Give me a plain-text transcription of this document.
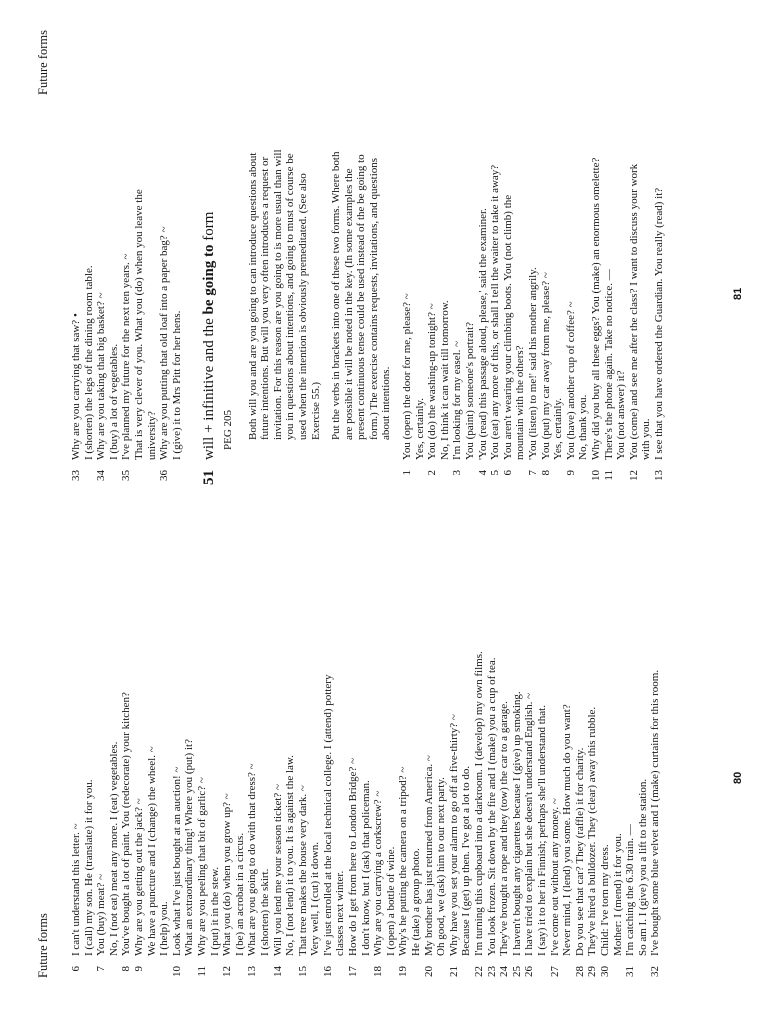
Future forms 6
I can't understand this letter. ~ I (call) my son. He (translate) it for you.
7
You (buy) meat? ~ No, I (not eat) meat any more. I (eat) vegetables.
8
You've bought a lot of paint. You (redecorate) your kitchen?
9
Why are you getting out the jack? ~ We have a puncture and I (change) the wheel. ~ I (help) you.
10
Look what I've just bought at an auction! ~ What an extraordinary thing! Where you (put) it?
11
Why are you peeling that bit of garlic? ~ I (put) it in the stew.
12
What you (do) when you grow up? ~ I (be) an acrobat in a circus.
13
What are you going to do with that dress? ~ I (shorten) the skirt.
14
Will you lend me your season ticket? ~ No, I (not lend) it to you. It is against the law.
15
That tree makes the house very dark. ~ Very well, I (cut) it down.
16
I've just enrolled at the local technical college. I (attend) pottery classes next winter.
17
How do I get from here to London Bridge? ~ I don't know, but I (ask) that policeman.
18
Why are you carrying a corkscrew? ~ I (open) a bottle of wine.
19
Why's he putting the camera on a tripod? ~ He (take) a group photo.
20
My brother has just returned from America. ~ Oh good, we (ask) him to our next party.
21
Why have you set your alarm to go off at five-thirty? ~ Because I (get) up then. I've got a lot to do.
22
I'm turning this cupboard into a darkroom. I (develop) my own films.
23
You look frozen. Sit down by the fire and I (make) you a cup of tea.
24
They've brought a rope and they (tow) the car to a garage.
25
I haven't bought any cigarettes because I (give) up smoking.
26
I have tried to explain but she doesn't understand English. ~ I (say) it to her in Finnish; perhaps she'll understand that.
27
I've come out without any money. ~ Never mind, I (lend) you some. How much do you want?
28
Do you see that car? They (raffle) it for charity.
29
They've hired a bulldozer. They (clear) away this rubble.
30
Child: I've torn my dress. Mother: I (mend) it for you.
31
I'm catching the 6.30 train. — So am I. I (give) you a lift to the station.
32
I've bought some blue velvet and I (make) curtains for this room.	80
Future forms
33
Why are you carrying that saw? • I (shorten) the legs of the dining room table.
34
Why are you taking that big basket? ~ I (buy) a lot of vegetables.
35
I've planned my future for the next ten years. ~ That is very clever of you. What you (do) when you leave the university?
36
Why are you putting that old loaf into a paper bag? ~ I (give) it to Mrs Pitt for her hens.
51
will + infinitive and the be going to form
PEG 205 Both will you and are you going to can introduce questions about future intentions. But will you very often introduces a request or invitation. For this reason are you going to is more usual than will you in questions about intentions, and going to must of course be used when the intention is obviously premeditated. (See also Exercise 55.) Put the verbs in brackets into one of these two forms. Where both are possible it will be noted in the key. (In some examples the present continuous tense could be used instead of the be going to form.) The exercise contains requests, invitations, and questions about intentions.
1
You (open) the door for me, please? ~ Yes, certainly.
2
You (do) the washing-up tonight? ~ No, I think it can wait till tomorrow.
3
I'm looking for my easel. ~ You (paint) someone's portrait?
4
'You (read) this passage aloud, please,' said the examiner.
5
You (eat) any more of this, or shall I tell the waiter to take it away?
6
You aren't wearing your climbing boots. You (not climb) the mountain with the others?
7
'You (listen) to me!' said his mother angrily.
8
You (put) my car away from me, please? ~ Yes, certainly.
9
You (have) another cup of coffee? ~ No, thank you.
10
Why did you buy all these eggs? You (make) an enormous omelette?
11
There's the phone again. Take no notice. — You (not answer) it?
12
You (come) and see me after the class? I want to discuss your work with you.
13
I see that you have ordered the Guardian. You really (read) it?	81
